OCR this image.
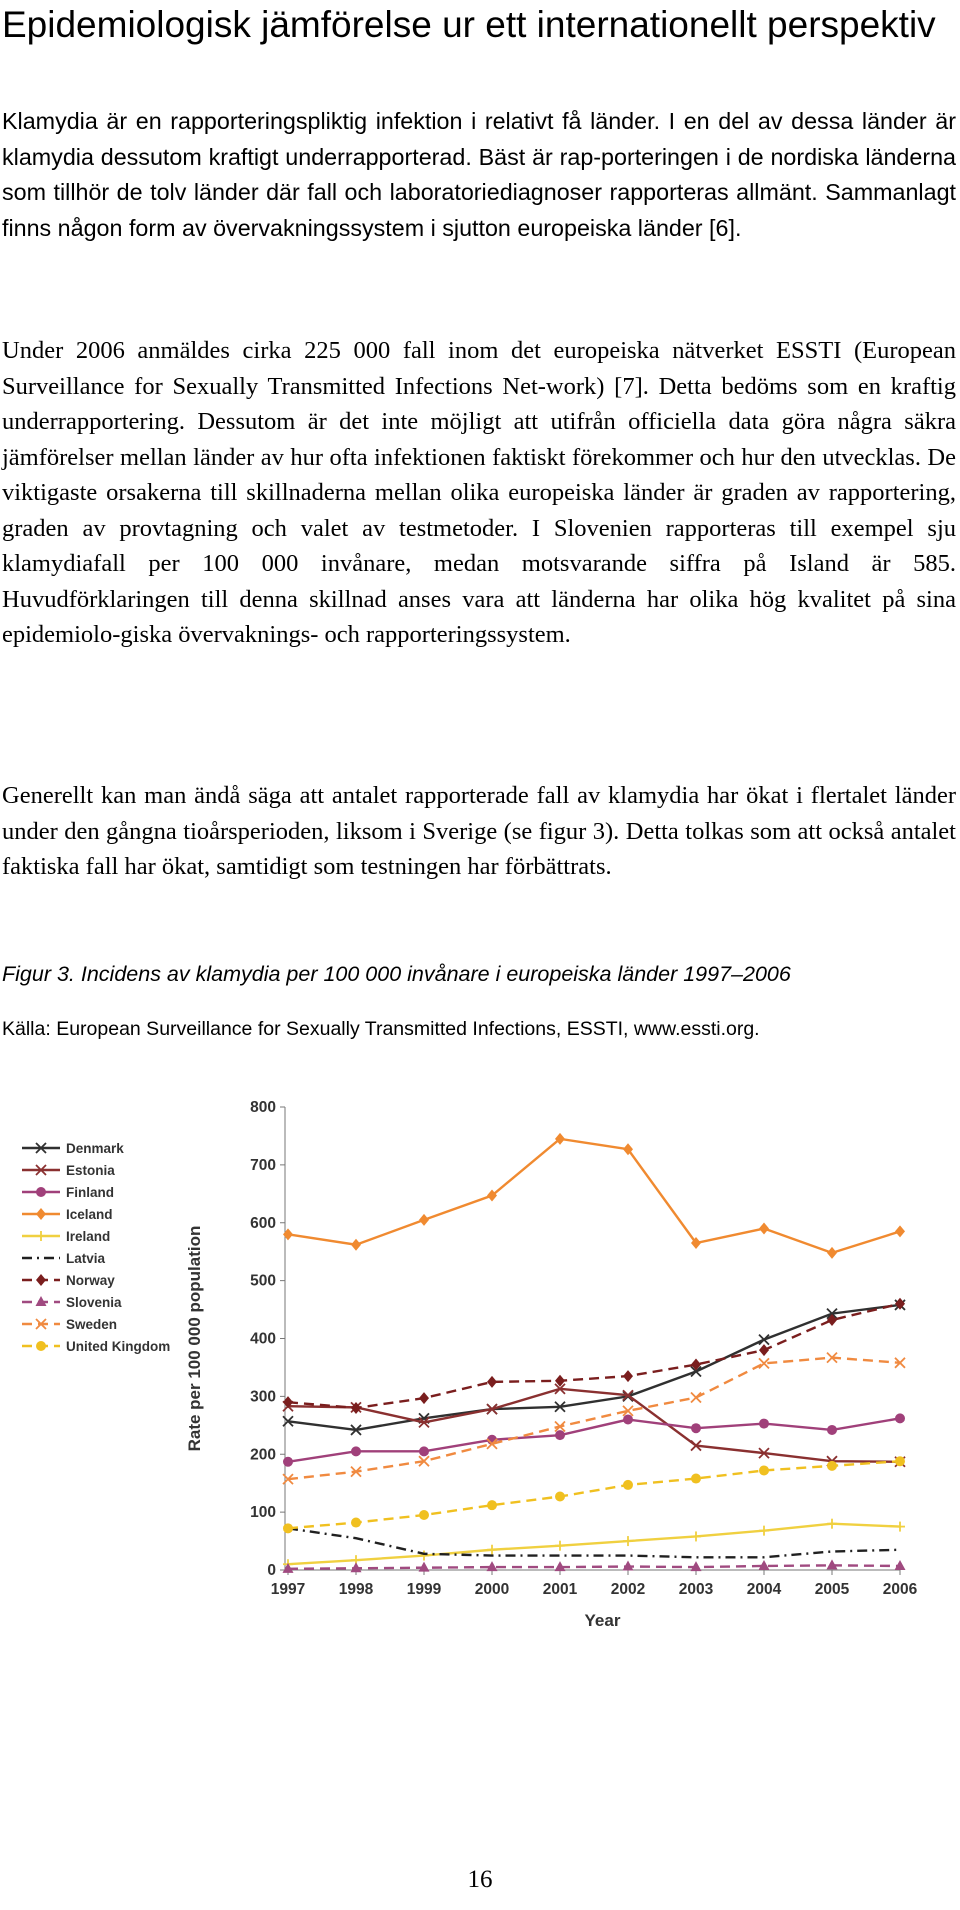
Epidemiologisk jämförelse ur ett internationellt perspektiv

Klamydia är en rapporteringspliktig infektion i relativt få länder. I en del av dessa länder är klamydia dessutom kraftigt underrapporterad. Bäst är rap-porteringen i de nordiska länderna som tillhör de tolv länder där fall och laboratoriediagnoser rapporteras allmänt. Sammanlagt finns någon form av övervakningssystem i sjutton europeiska länder [6].

Under 2006 anmäldes cirka 225 000 fall inom det europeiska nätverket ESSTI (European Surveillance for Sexually Transmitted Infections Net-work) [7]. Detta bedöms som en kraftig underrapportering. Dessutom är det inte möjligt att utifrån officiella data göra några säkra jämförelser mellan länder av hur ofta infektionen faktiskt förekommer och hur den utvecklas. De viktigaste orsakerna till skillnaderna mellan olika europeiska länder är graden av rapportering, graden av provtagning och valet av testmetoder. I Slovenien rapporteras till exempel sju klamydiafall per 100 000 invånare, medan motsvarande siffra på Island är 585. Huvudförklaringen till denna skillnad anses vara att länderna har olika hög kvalitet på sina epidemiolo-giska övervaknings- och rapporteringssystem.

Generellt kan man ändå säga att antalet rapporterade fall av klamydia har ökat i flertalet länder under den gångna tioårsperioden, liksom i Sverige (se figur 3). Detta tolkas som att också antalet faktiska fall har ökat, samtidigt som testningen har förbättrats.

Figur 3. Incidens av klamydia per 100 000 invånare i europeiska länder 1997–2006

Källa: European Surveillance for Sexually Transmitted Infections, ESSTI, www.essti.org.

0
100
200
300
400
500
600
700
800
1997 1998 1999 2000 2001 2002 2003 2004 2005 2006
Year
Rate per 100 000 population
Denmark
Estonia
Finland
Iceland
Ireland
Latvia
Norway
Slovenia
Sweden
United Kingdom
16
